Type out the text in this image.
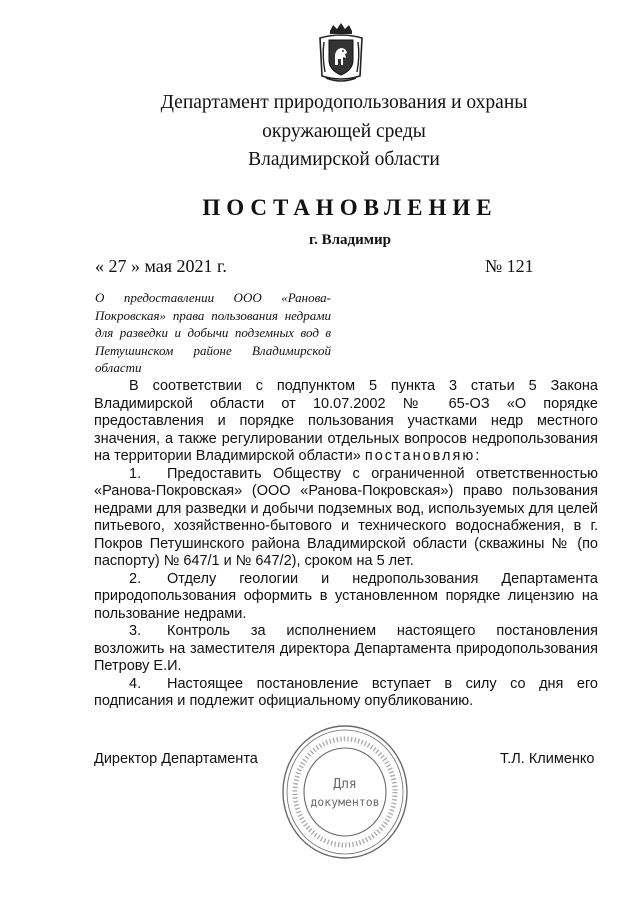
Департамент природопользования и охраны
окружающей среды
Владимирской области
ПОСТАНОВЛЕНИЕ
г. Владимир
« 27 » мая 2021 г.	№ 121
О предоставлении ООО «Ранова-Покровская» права пользования недрами для разведки и добычи подземных вод в Петушинском районе Владимирской области

В соответствии с подпунктом 5 пункта 3 статьи 5 Закона Владимирской области от 10.07.2002 № 65-ОЗ «О порядке предоставления и порядке пользования участками недр местного значения, а также регулировании отдельных вопросов недропользования на территории Владимирской области» постановляю:

1. Предоставить Обществу с ограниченной ответственностью «Ранова-Покровская» (ООО «Ранова-Покровская») право пользования недрами для разведки и добычи подземных вод, используемых для целей питьевого, хозяйственно-бытового и технического водоснабжения, в г. Покров Петушинского района Владимирской области (скважины № (по паспорту) № 647/1 и № 647/2), сроком на 5 лет.

2. Отделу геологии и недропользования Департамента природопользования оформить в установленном порядке лицензию на пользование недрами.

3. Контроль за исполнением настоящего постановления возложить на заместителя директора Департамента природопользования Петрову Е.И.

4. Настоящее постановление вступает в силу со дня его подписания и подлежит официальному опубликованию.

Директор Департамента	Т.Л. Клименко
Для
документов
